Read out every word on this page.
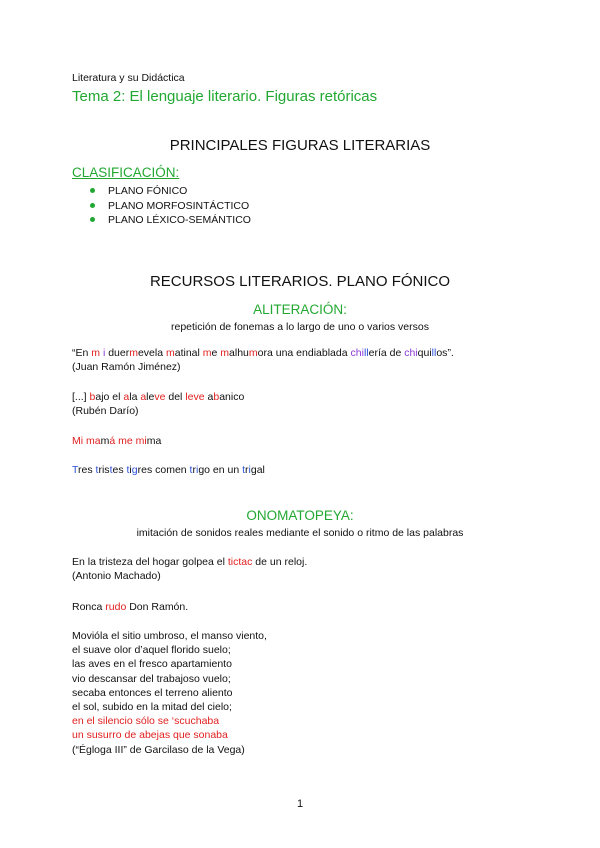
Literatura y su Didáctica
Tema 2: El lenguaje literario. Figuras retóricas
PRINCIPALES FIGURAS LITERARIAS
CLASIFICACIÓN:
PLANO FÓNICO
PLANO MORFOSINTÁCTICO
PLANO LÉXICO-SEMÁNTICO
RECURSOS LITERARIOS. PLANO FÓNICO
ALITERACIÓN:
repetición de fonemas a lo largo de uno o varios versos
“En m i duermevela matinal me malhumora una endiablada chillería de chiquillos”.
(Juan Ramón Jiménez)
[...] bajo el ala aleve del leve abanico
(Rubén Darío)
Mi mamá me mima
Tres tristes tigres comen trigo en un trigal
ONOMATOPEYA:
imitación de sonidos reales mediante el sonido o ritmo de las palabras
En la tristeza del hogar golpea el tictac de un reloj.
(Antonio Machado)
Ronca rudo Don Ramón.
Movióla el sitio umbroso, el manso viento,
el suave olor d’aquel florido suelo;
las aves en el fresco apartamiento
vio descansar del trabajoso vuelo;
secaba entonces el terreno aliento
el sol, subido en la mitad del cielo;
en el silencio sólo se ‘scuchaba
un susurro de abejas que sonaba
(“Égloga III” de Garcilaso de la Vega)
1
